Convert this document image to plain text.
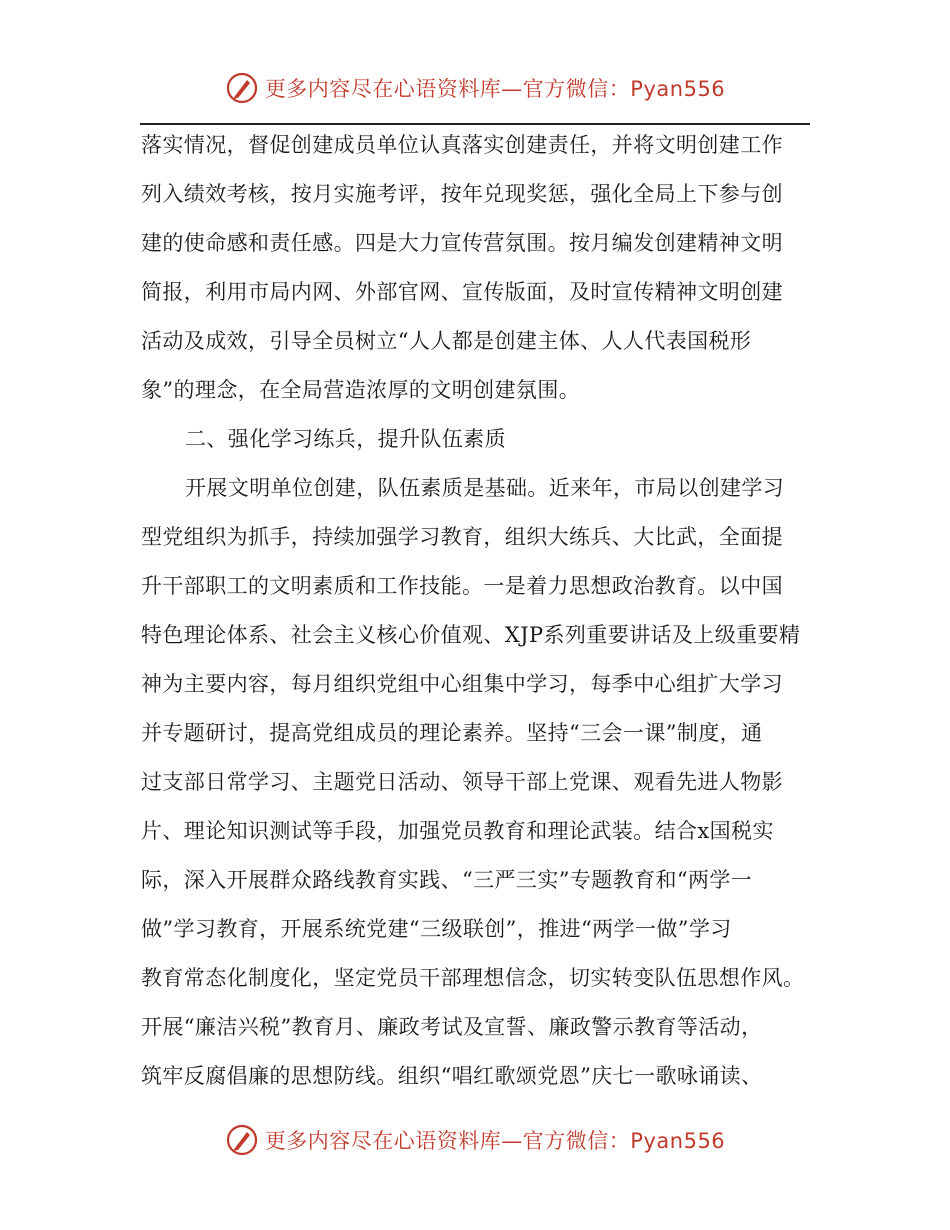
更多内容尽在心语资料库—官方微信：Pyan556
落实情况，督促创建成员单位认真落实创建责任，并将文明创建工作
列入绩效考核，按月实施考评，按年兑现奖惩，强化全局上下参与创
建的使命感和责任感。四是大力宣传营氛围。按月编发创建精神文明
简报，利用市局内网、外部官网、宣传版面，及时宣传精神文明创建
活动及成效，引导全员树立“人人都是创建主体、人人代表国税形
象”的理念，在全局营造浓厚的文明创建氛围。
二、强化学习练兵，提升队伍素质
开展文明单位创建，队伍素质是基础。近来年，市局以创建学习
型党组织为抓手，持续加强学习教育，组织大练兵、大比武，全面提
升干部职工的文明素质和工作技能。一是着力思想政治教育。以中国
特色理论体系、社会主义核心价值观、XJP系列重要讲话及上级重要精
神为主要内容，每月组织党组中心组集中学习，每季中心组扩大学习
并专题研讨，提高党组成员的理论素养。坚持“三会一课”制度，通
过支部日常学习、主题党日活动、领导干部上党课、观看先进人物影
片、理论知识测试等手段，加强党员教育和理论武装。结合x国税实
际，深入开展群众路线教育实践、“三严三实”专题教育和“两学一
做”学习教育，开展系统党建“三级联创”，推进“两学一做”学习
教育常态化制度化，坚定党员干部理想信念，切实转变队伍思想作风。
开展“廉洁兴税”教育月、廉政考试及宣誓、廉政警示教育等活动，
筑牢反腐倡廉的思想防线。组织“唱红歌颂党恩”庆七一歌咏诵读、
更多内容尽在心语资料库—官方微信：Pyan556
